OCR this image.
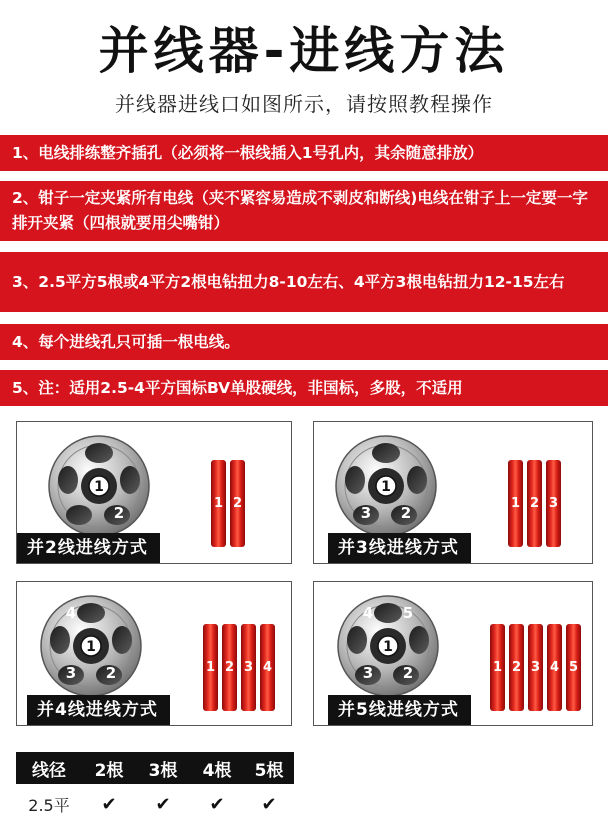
并线器-进线方法
并线器进线口如图所示，请按照教程操作
1、电线排练整齐插孔（必须将一根线插入1号孔内，其余随意排放）
2、钳子一定夹紧所有电线（夹不紧容易造成不剥皮和断线)电线在钳子上一定要一字排开夹紧（四根就要用尖嘴钳）
3、2.5平方5根或4平方2根电钻扭力8-10左右、4平方3根电钻扭力12-15左右
4、每个进线孔只可插一根电线。
5、注：适用2.5-4平方国标BV单股硬线，非国标，多股，不适用
1
2
1 2
并2线进线方式
1
2
3
1 2 3
并3线进线方式
1
2
3
4
1 2 3 4
并4线进线方式
1
2
3
4 5
1 2 3 4 5
并5线进线方式
线径	2根	3根	4根	5根
2.5平	✔	✔	✔	✔
